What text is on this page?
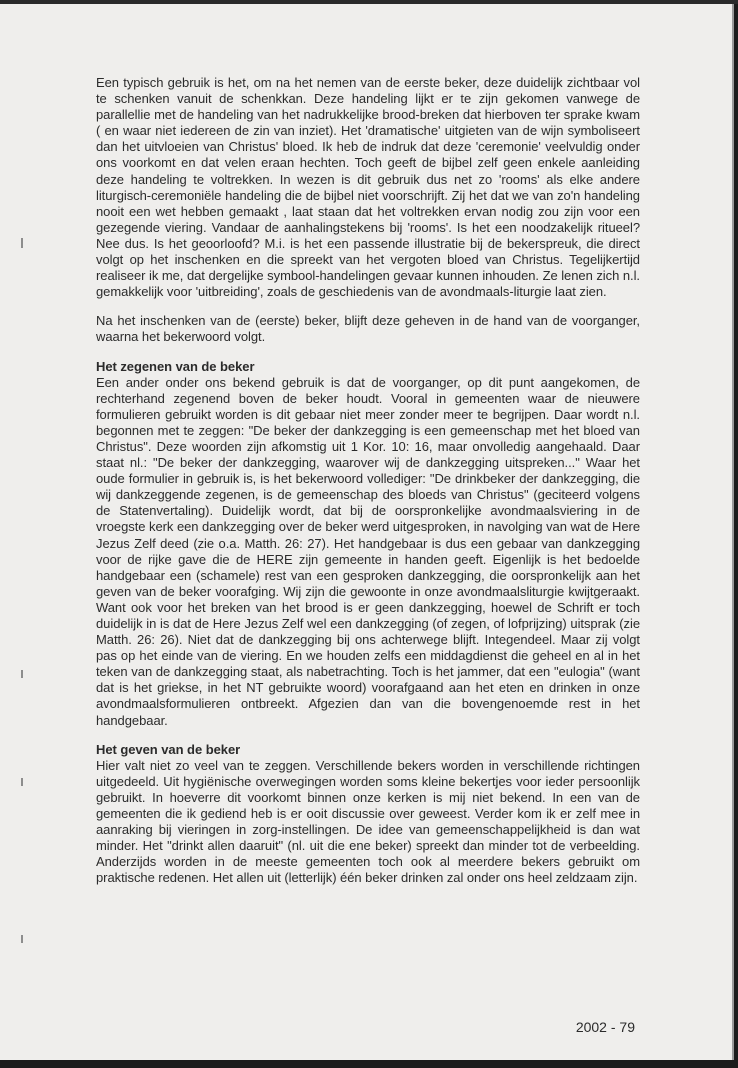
Een typisch gebruik is het, om na het nemen van de eerste beker, deze duidelijk zichtbaar vol te schenken vanuit de schenkkan. Deze handeling lijkt er te zijn gekomen vanwege de parallellie met de handeling van het nadrukkelijke brood-breken dat hierboven ter sprake kwam ( en waar niet iedereen de zin van inziet). Het 'dramatische' uitgieten van de wijn symboliseert dan het uitvloeien van Christus' bloed. Ik heb de indruk dat deze 'ceremonie' veelvuldig onder ons voorkomt en dat velen eraan hechten. Toch geeft de bijbel zelf geen enkele aanleiding deze handeling te voltrekken. In wezen is dit gebruik dus net zo 'rooms' als elke andere liturgisch-ceremoniële handeling die de bijbel niet voorschrijft. Zij het dat we van zo'n handeling nooit een wet hebben gemaakt , laat staan dat het voltrekken ervan nodig zou zijn voor een gezegende viering. Vandaar de aanhalingstekens bij 'rooms'. Is het een noodzakelijk ritueel? Nee dus. Is het geoorloofd? M.i. is het een passende illustratie bij de bekerspreuk, die direct volgt op het inschenken en die spreekt van het vergoten bloed van Christus. Tegelijkertijd realiseer ik me, dat dergelijke symbool-handelingen gevaar kunnen inhouden. Ze lenen zich n.l. gemakkelijk voor 'uitbreiding', zoals de geschiedenis van de avondmaals-liturgie laat zien.

Na het inschenken van de (eerste) beker, blijft deze geheven in de hand van de voorganger, waarna het bekerwoord volgt.

Het zegenen van de beker

Een ander onder ons bekend gebruik is dat de voorganger, op dit punt aangekomen, de rechterhand zegenend boven de beker houdt. Vooral in gemeenten waar de nieuwere formulieren gebruikt worden is dit gebaar niet meer zonder meer te begrijpen. Daar wordt n.l. begonnen met te zeggen: "De beker der dankzegging is een gemeenschap met het bloed van Christus". Deze woorden zijn afkomstig uit 1 Kor. 10: 16, maar onvolledig aangehaald. Daar staat nl.: "De beker der dankzegging, waarover wij de dankzegging uitspreken..." Waar het oude formulier in gebruik is, is het bekerwoord vollediger: "De drinkbeker der dankzegging, die wij dankzeggende zegenen, is de gemeenschap des bloeds van Christus" (geciteerd volgens de Statenvertaling). Duidelijk wordt, dat bij de oorspronkelijke avondmaalsviering in de vroegste kerk een dankzegging over de beker werd uitgesproken, in navolging van wat de Here Jezus Zelf deed (zie o.a. Matth. 26: 27). Het handgebaar is dus een gebaar van dankzegging voor de rijke gave die de HERE zijn gemeente in handen geeft. Eigenlijk is het bedoelde handgebaar een (schamele) rest van een gesproken dankzegging, die oorspronkelijk aan het geven van de beker voorafging. Wij zijn die gewoonte in onze avondmaalsliturgie kwijtgeraakt. Want ook voor het breken van het brood is er geen dankzegging, hoewel de Schrift er toch duidelijk in is dat de Here Jezus Zelf wel een dankzegging (of zegen, of lofprijzing) uitsprak (zie Matth. 26: 26). Niet dat de dankzegging bij ons achterwege blijft. Integendeel. Maar zij volgt pas op het einde van de viering. En we houden zelfs een middagdienst die geheel en al in het teken van de dankzegging staat, als nabetrachting. Toch is het jammer, dat een "eulogia" (want dat is het griekse, in het NT gebruikte woord) voorafgaand aan het eten en drinken in onze avondmaalsformulieren ontbreekt. Afgezien dan van die bovengenoemde rest in het handgebaar.

Het geven van de beker

Hier valt niet zo veel van te zeggen. Verschillende bekers worden in verschillende richtingen uitgedeeld. Uit hygiënische overwegingen worden soms kleine bekertjes voor ieder persoonlijk gebruikt. In hoeverre dit voorkomt binnen onze kerken is mij niet bekend. In een van de gemeenten die ik gediend heb is er ooit discussie over geweest. Verder kom ik er zelf mee in aanraking bij vieringen in zorg-instellingen. De idee van gemeenschappelijkheid is dan wat minder. Het "drinkt allen daaruit" (nl. uit die ene beker) spreekt dan minder tot de verbeelding. Anderzijds worden in de meeste gemeenten toch ook al meerdere bekers gebruikt om praktische redenen. Het allen uit (letterlijk) één beker drinken zal onder ons heel zeldzaam zijn.

2002 - 79
